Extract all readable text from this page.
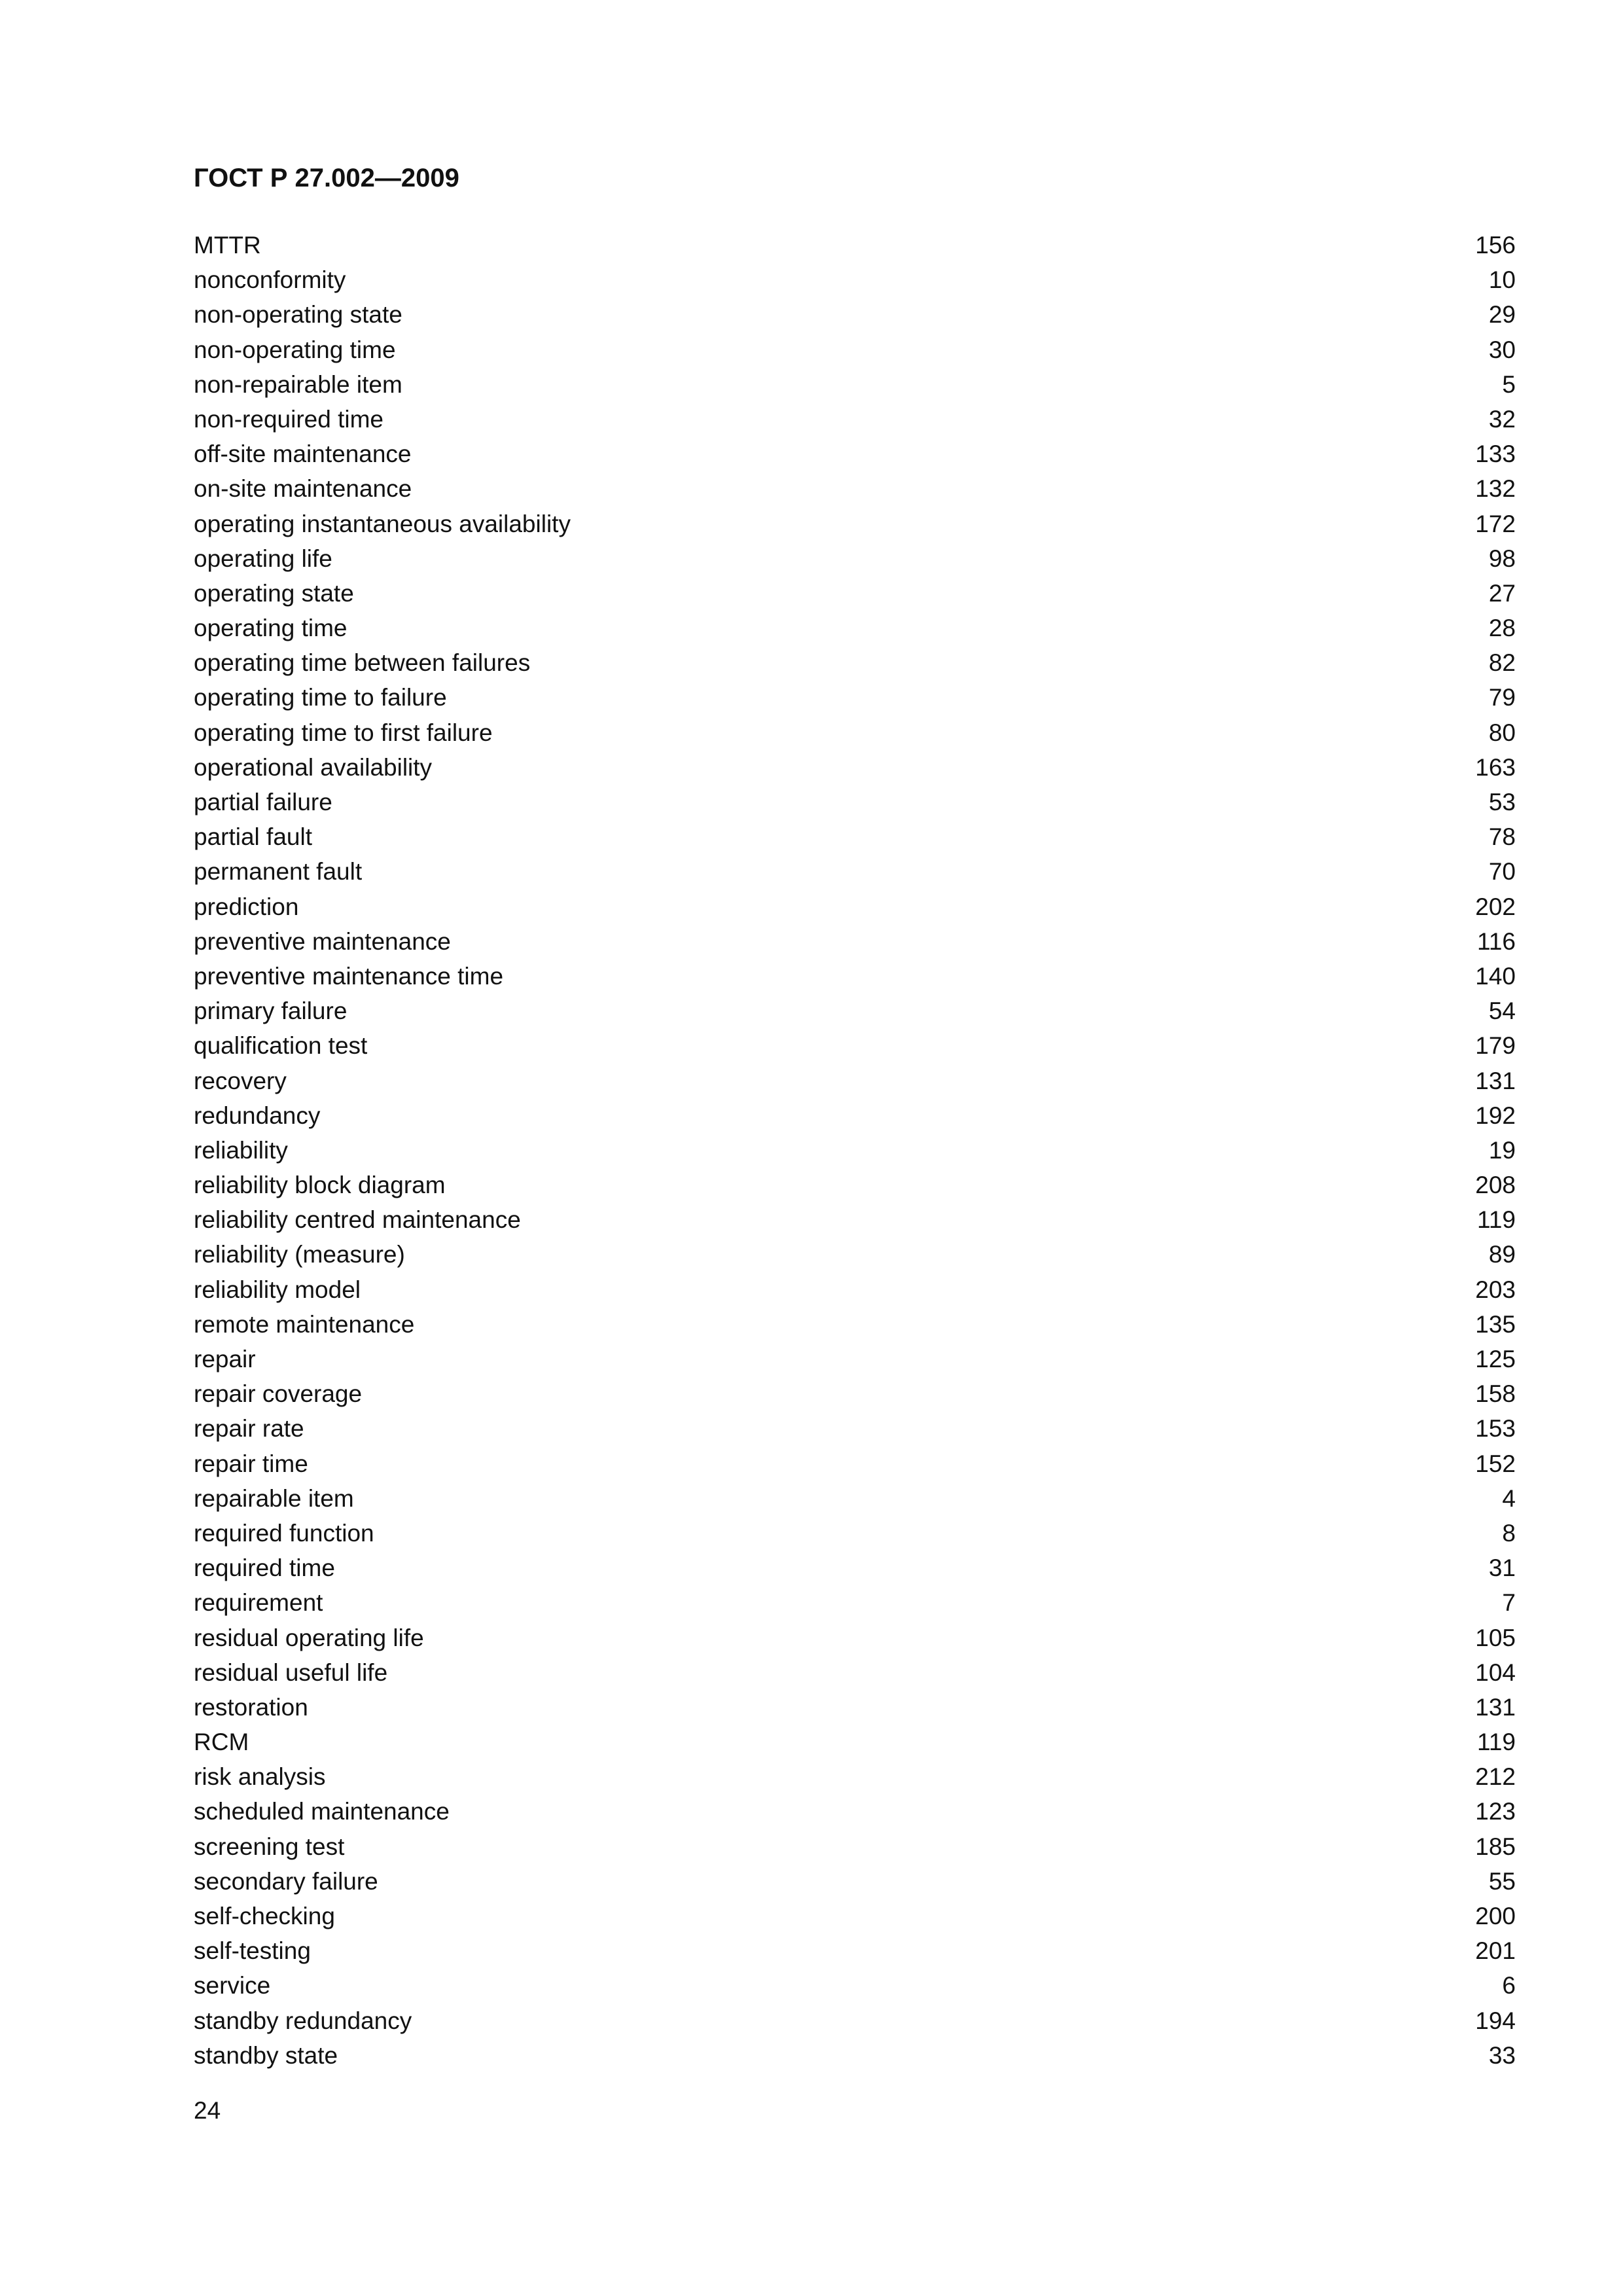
ГОСТ Р 27.002—2009
MTTR	156
nonconformity	10
non-operating state	29
non-operating time	30
non-repairable item	5
non-required time	32
off-site maintenance	133
on-site maintenance	132
operating instantaneous availability	172
operating life	98
operating state	27
operating time	28
operating time between failures	82
operating time to failure	79
operating time to first failure	80
operational availability	163
partial failure	53
partial fault	78
permanent fault	70
prediction	202
preventive maintenance	116
preventive maintenance time	140
primary failure	54
qualification test	179
recovery	131
redundancy	192
reliability	19
reliability block diagram	208
reliability centred maintenance	119
reliability (measure)	89
reliability model	203
remote maintenance	135
repair	125
repair coverage	158
repair rate	153
repair time	152
repairable item	4
required function	8
required time	31
requirement	7
residual operating life	105
residual useful life	104
restoration	131
RCM	119
risk analysis	212
scheduled maintenance	123
screening test	185
secondary failure	55
self-checking	200
self-testing	201
service	6
standby redundancy	194
standby state	33
24
